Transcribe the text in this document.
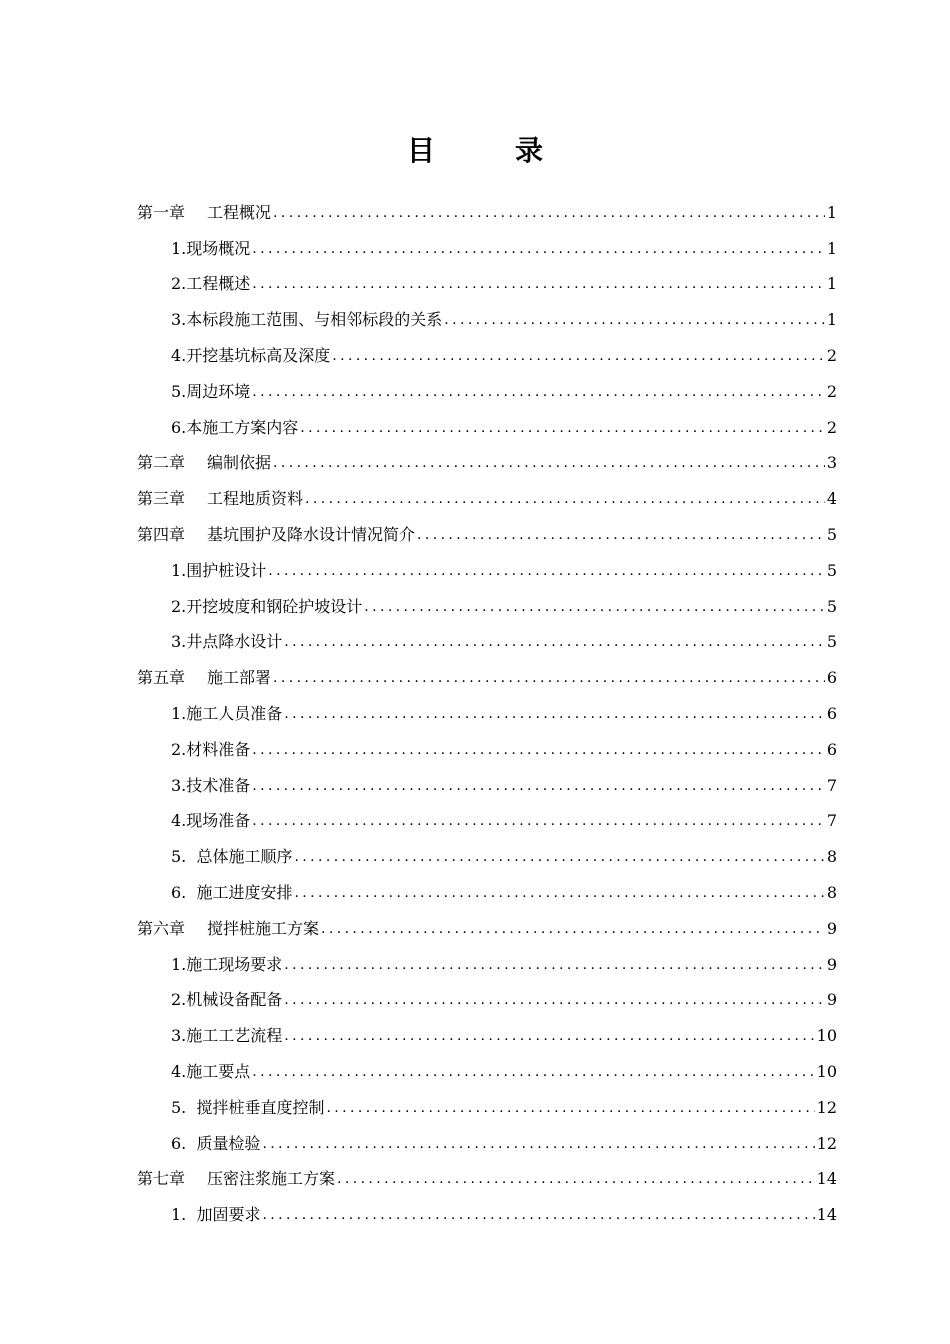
目　录
第一章 工程概况 .....	1
1.现场概况 .....	1
2.工程概述 .....	1
3.本标段施工范围、与相邻标段的关系 .....	1
4.开挖基坑标高及深度 .....	2
5.周边环境 .....	2
6.本施工方案内容 .....	2
第二章 编制依据 .....	3
第三章 工程地质资料 .....	4
第四章 基坑围护及降水设计情况简介 .....	5
1.围护桩设计 .....	5
2.开挖坡度和钢砼护坡设计 .....	5
3.井点降水设计 .....	5
第五章 施工部署 .....	6
1.施工人员准备 .....	6
2.材料准备 .....	6
3.技术准备 .....	7
4.现场准备 .....	7
5.  总体施工顺序 .....	8
6.  施工进度安排 .....	8
第六章 搅拌桩施工方案 .....	9
1.施工现场要求 .....	9
2.机械设备配备 .....	9
3.施工工艺流程 .....	10
4.施工要点 .....	10
5.  搅拌桩垂直度控制 .....	12
6.  质量检验 .....	12
第七章 压密注浆施工方案 .....	14
1.  加固要求 .....	14
